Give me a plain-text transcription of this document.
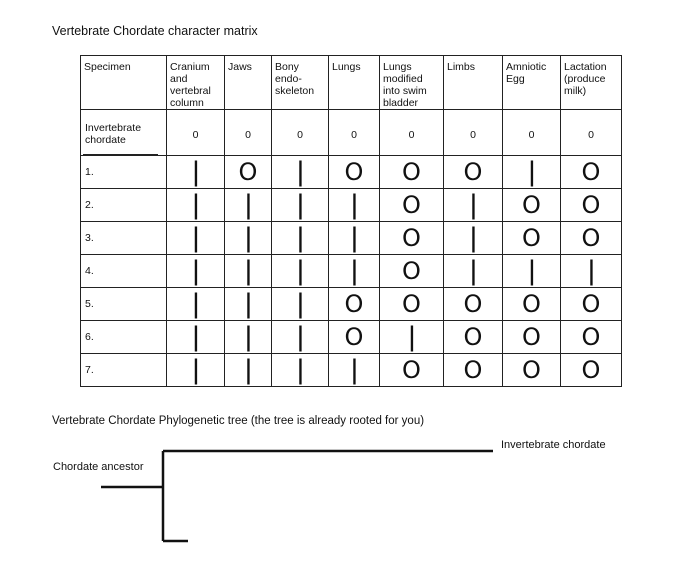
Vertebrate Chordate character matrix
Specimen	Cranium and vertebral column	Jaws	Bony endo-skeleton	Lungs	Lungs modified into swim bladder	Limbs	Amniotic Egg	Lactation (produce milk)

Invertebrate chordate	0	0	0	0	0	0	0	0
1.	|	O	|	O	O	O	|	O
2.	|	|	|	|	O	|	O	O
3.	|	|	|	|	O	|	O	O
4.	|	|	|	|	O	|	|	|
5.	|	|	|	O	O	O	O	O
6.	|	|	|	O	|	O	O	O
7.	|	|	|	|	O	O	O	O
Vertebrate Chordate Phylogenetic tree (the tree is already rooted for you)
Chordate ancestor
Invertebrate chordate
